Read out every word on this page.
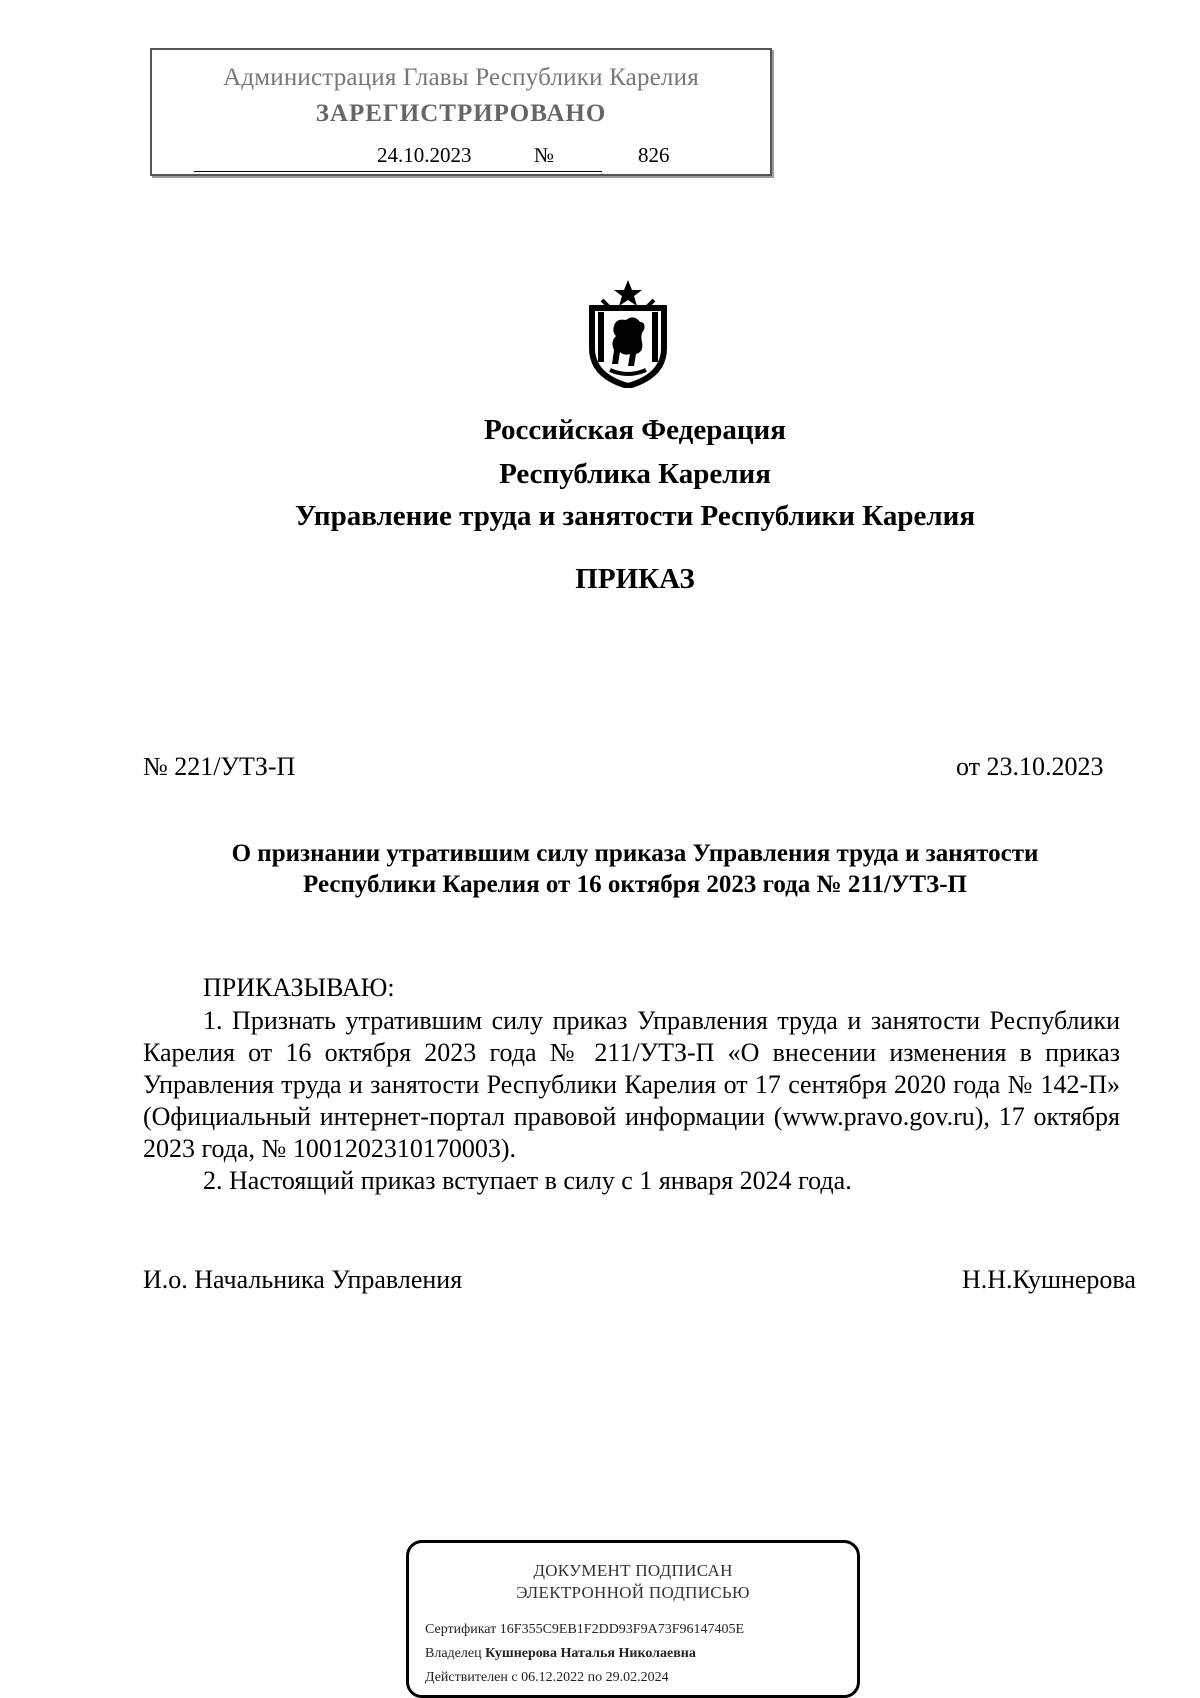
Администрация Главы Республики Карелия
ЗАРЕГИСТРИРОВАНО
24.10.2023	№	826
Российская Федерация
Республика Карелия
Управление труда и занятости Республики Карелия
ПРИКАЗ
№ 221/УТЗ-П	от 23.10.2023
О признании утратившим силу приказа Управления труда и занятости
Республики Карелия от 16 октября 2023 года № 211/УТЗ-П
ПРИКАЗЫВАЮ:
1. Признать утратившим силу приказ Управления труда и занятости Республики Карелия от 16 октября 2023 года № 211/УТЗ-П «О внесении изменения в приказ Управления труда и занятости Республики Карелия от 17 сентября 2020 года № 142-П» (Официальный интернет-портал правовой информации (www.pravo.gov.ru), 17 октября 2023 года, № 1001202310170003).
2. Настоящий приказ вступает в силу с 1 января 2024 года.
И.о. Начальника Управления	Н.Н.Кушнерова
ДОКУМЕНТ ПОДПИСАН
ЭЛЕКТРОННОЙ ПОДПИСЬЮ
Сертификат 16F355C9EB1F2DD93F9A73F96147405E
Владелец Кушнерова Наталья Николаевна
Действителен с 06.12.2022 по 29.02.2024
